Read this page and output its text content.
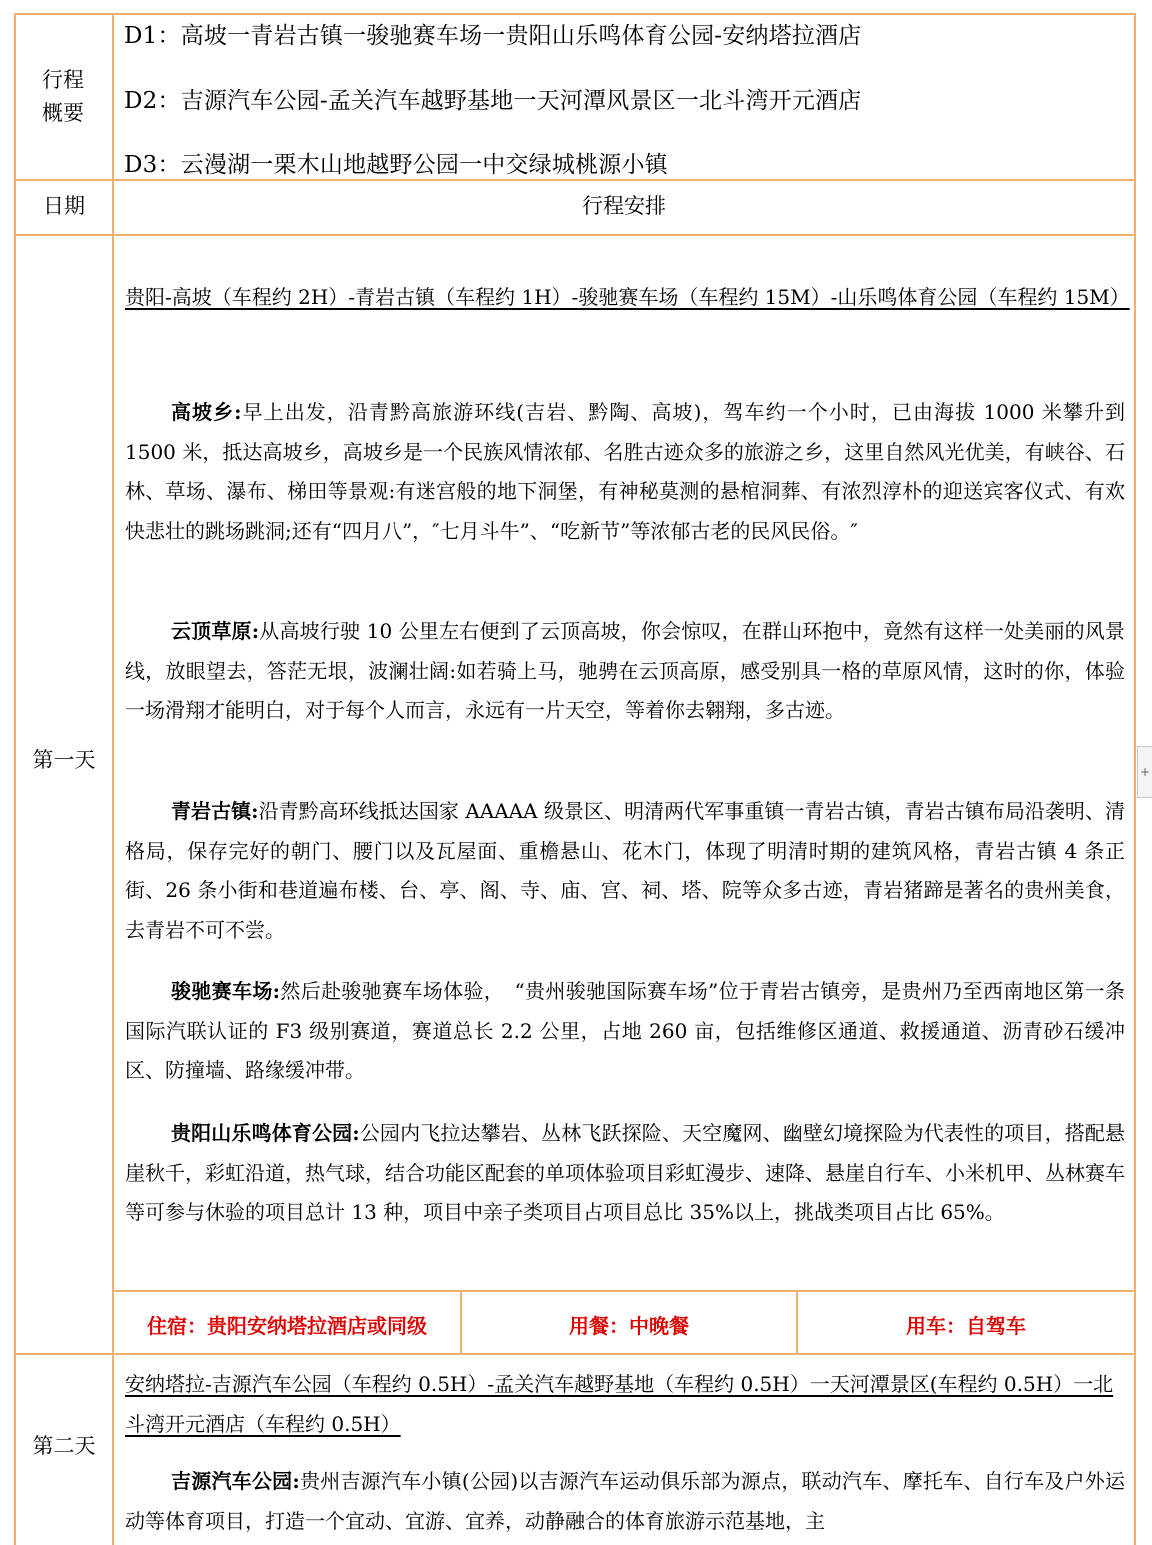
行程概要
D1：高坡一青岩古镇一骏驰赛车场一贵阳山乐鸣体育公园-安纳塔拉酒店
D2：吉源汽车公园-孟关汽车越野基地一天河潭风景区一北斗湾开元酒店
D3：云漫湖一栗木山地越野公园一中交绿城桃源小镇
日期	行程安排
第一天
贵阳-高坡（车程约 2H）-青岩古镇（车程约 1H）-骏驰赛车场（车程约 15M）-山乐鸣体育公园（车程约 15M）
高坡乡:早上出发，沿青黔高旅游环线(吉岩、黔陶、高坡)，驾车约一个小时，已由海拔 1000 米攀升到 1500 米，抵达高坡乡，高坡乡是一个民族风情浓郁、名胜古迹众多的旅游之乡，这里自然风光优美，有峡谷、石林、草场、瀑布、梯田等景观:有迷宫般的地下洞堡，有神秘莫测的悬棺洞葬、有浓烈淳朴的迎送宾客仪式、有欢快悲壮的跳场跳洞;还有“四月八”，″七月斗牛”、“吃新节”等浓郁古老的民风民俗。″
云顶草原:从高坡行驶 10 公里左右便到了云顶高坡，你会惊叹，在群山环抱中，竟然有这样一处美丽的风景线，放眼望去，答茫无垠，波澜壮阔:如若骑上马，驰骋在云顶高原，感受别具一格的草原风情，这时的你，体验一场滑翔才能明白，对于每个人而言，永远有一片天空，等着你去翱翔，多古迹。
青岩古镇:沿青黔高环线抵达国家 AAAAA 级景区、明清两代军事重镇一青岩古镇，青岩古镇布局沿袭明、清格局，保存完好的朝门、腰门以及瓦屋面、重檐悬山、花木门，体现了明清时期的建筑风格，青岩古镇 4 条正街、26 条小街和巷道遍布楼、台、亭、阁、寺、庙、宫、祠、塔、院等众多古迹，青岩猪蹄是著名的贵州美食，去青岩不可不尝。
骏驰赛车场:然后赴骏驰赛车场体验，　“贵州骏驰国际赛车场”位于青岩古镇旁，是贵州乃至西南地区第一条国际汽联认证的 F3 级别赛道，赛道总长 2.2 公里，占地 260 亩，包括维修区通道、救援通道、沥青砂石缓冲区、防撞墙、路缘缓冲带。
贵阳山乐鸣体育公园:公园内飞拉达攀岩、丛林飞跃探险、天空魔网、幽壁幻境探险为代表性的项目，搭配悬崖秋千，彩虹沿道，热气球，结合功能区配套的单项体验项目彩虹漫步、速降、悬崖自行车、小米机甲、丛林赛车等可参与休验的项目总计 13 种，项目中亲子类项目占项目总比 35%以上，挑战类项目占比 65%。
住宿：贵阳安纳塔拉酒店或同级	用餐：中晚餐	用车：自驾车
第二天
安纳塔拉-吉源汽车公园（车程约 0.5H）-孟关汽车越野基地（车程约 0.5H）一天河潭景区(车程约 0.5H）一北斗湾开元酒店（车程约 0.5H）
吉源汽车公园:贵州吉源汽车小镇(公园)以吉源汽车运动俱乐部为源点，联动汽车、摩托车、自行车及户外运动等体育项目，打造一个宜动、宜游、宜养，动静融合的体育旅游示范基地，主
+
